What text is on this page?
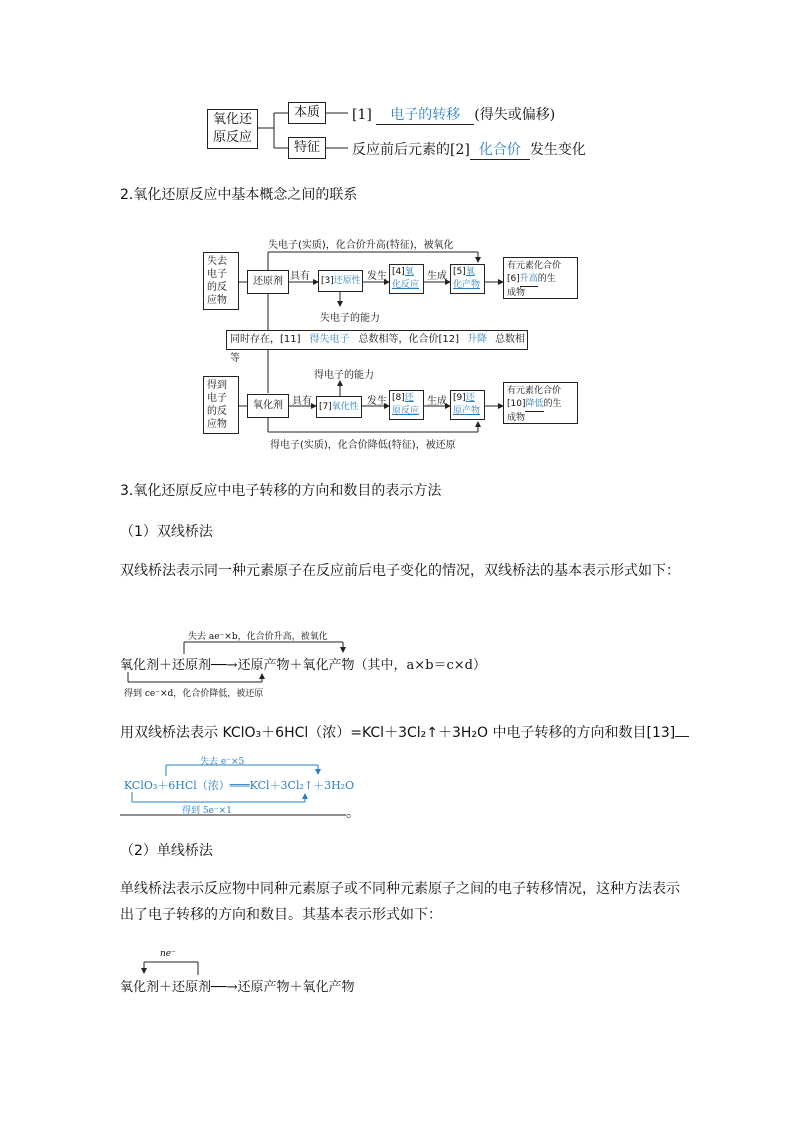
氧化还原反应
本质
特征
[1] 电子的转移 (得失或偏移)
反应前后元素的[2] 化合价 发生变化
2.氧化还原反应中基本概念之间的联系
失电子(实质)，化合价升高(特征)，被氧化
失去电子的反应物
还原剂 具有	[3]还原性 发生 [4]氧化反应
生成 [5]氧化产物
有元素化合价
[6]升高的生
成物
失电子的能力
同时存在，[11] 得失电子 总数相等，化合价[12] 升降 总数相等
得电子的能力
得到电子的反应物
氧化剂 具有 [7]氧化性 发生 [8]还原反应
生成 [9]还原产物
有元素化合价
[10]降低的生
成物
得电子(实质)，化合价降低(特征)，被还原
3.氧化还原反应中电子转移的方向和数目的表示方法
（1）双线桥法
双线桥法表示同一种元素原子在反应前后电子变化的情况，双线桥法的基本表示形式如下：
失去 ae⁻×b，化合价升高，被氧化
氧化剂＋还原剂──→还原产物＋氧化产物（其中，a×b＝c×d）
得到 ce⁻×d，化合价降低，被还原
用双线桥法表示 KClO₃＋6HCl（浓）=KCl＋3Cl₂↑＋3H₂O 中电子转移的方向和数目[13]
失去 e⁻×5
KClO₃＋6HCl（浓）═══KCl＋3Cl₂↑＋3H₂O
得到 5e⁻×1	。
（2）单线桥法
单线桥法表示反应物中同种元素原子或不同种元素原子之间的电子转移情况，这种方法表示出了电子转移的方向和数目。其基本表示形式如下：
ne⁻
氧化剂＋还原剂──→还原产物＋氧化产物
